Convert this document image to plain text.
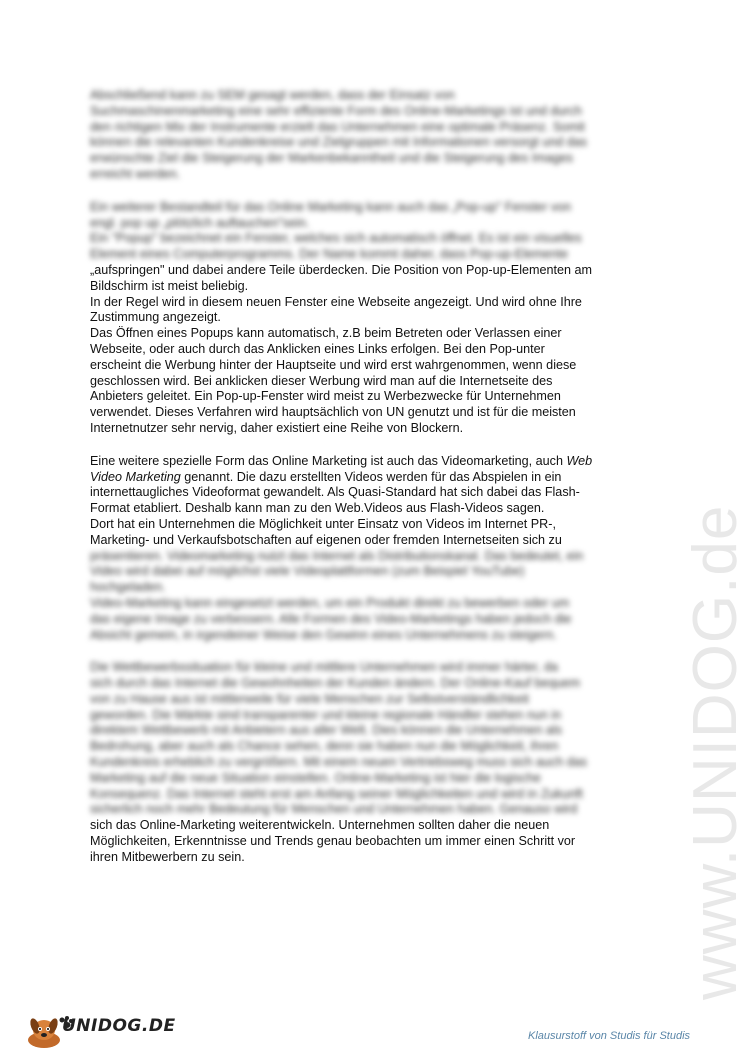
www.UNIDOG.de
Abschließend kann zu SEM gesagt werden, dass der Einsatz von
Suchmaschinenmarketing eine sehr effiziente Form des Online-Marketings ist und durch
den richtigen Mix der Instrumente erzielt das Unternehmen eine optimale Präsenz. Somit
können die relevanten Kundenkreise und Zielgruppen mit Informationen versorgt und das
erwünschte Ziel die Steigerung der Markenbekanntheit und die Steigerung des Images
erreicht werden.
Ein weiterer Bestandteil für das Online Marketing kann auch das „Pop-up" Fenster von
engl. pop up „plötzlich auftauchen"sein.
Ein "Popup" bezeichnet ein Fenster, welches sich automatisch öffnet. Es ist ein visuelles
Element eines Computerprogramms. Der Name kommt daher, dass Pop-up-Elemente
„aufspringen" und dabei andere Teile überdecken. Die Position von Pop-up-Elementen am
Bildschirm ist meist beliebig.
In der Regel wird in diesem neuen Fenster eine Webseite angezeigt. Und wird ohne Ihre
Zustimmung angezeigt.
Das Öffnen eines Popups kann automatisch, z.B beim Betreten oder Verlassen einer
Webseite, oder auch durch das Anklicken eines Links erfolgen. Bei den Pop-unter
erscheint die Werbung hinter der Hauptseite und wird erst wahrgenommen, wenn diese
geschlossen wird. Bei anklicken dieser Werbung wird man auf die Internetseite des
Anbieters geleitet. Ein Pop-up-Fenster wird meist zu Werbezwecke für Unternehmen
verwendet. Dieses Verfahren wird hauptsächlich von UN genutzt und ist für die meisten
Internetnutzer sehr nervig, daher existiert eine Reihe von Blockern.
Eine weitere spezielle Form das Online Marketing ist auch das Videomarketing, auch Web
Video Marketing genannt. Die dazu erstellten Videos werden für das Abspielen in ein
internettaugliches Videoformat gewandelt. Als Quasi-Standard hat sich dabei das Flash-
Format etabliert. Deshalb kann man zu den Web.Videos aus Flash-Videos sagen.
Dort hat ein Unternehmen die Möglichkeit unter Einsatz von Videos im Internet PR-,
Marketing- und Verkaufsbotschaften auf eigenen oder fremden Internetseiten sich zu
präsentieren. Videomarketing nutzt das Internet als Distributionskanal. Das bedeutet, ein
Video wird dabei auf möglichst viele Videoplattformen (zum Beispiel YouTube)
hochgeladen.
Video-Marketing kann eingesetzt werden, um ein Produkt direkt zu bewerben oder um
das eigene Image zu verbessern. Alle Formen des Video-Marketings haben jedoch die
Absicht gemein, in irgendeiner Weise den Gewinn eines Unternehmens zu steigern.
Die Wettbewerbssituation für kleine und mittlere Unternehmen wird immer härter, da
sich durch das Internet die Gewohnheiten der Kunden ändern. Der Online-Kauf bequem
von zu Hause aus ist mittlerweile für viele Menschen zur Selbstverständlichkeit
geworden. Die Märkte sind transparenter und kleine regionale Händler stehen nun in
direktem Wettbewerb mit Anbietern aus aller Welt. Dies können die Unternehmen als
Bedrohung, aber auch als Chance sehen, denn sie haben nun die Möglichkeit, ihren
Kundenkreis erheblich zu vergrößern. Mit einem neuen Vertriebsweg muss sich auch das
Marketing auf die neue Situation einstellen. Online-Marketing ist hier die logische
Konsequenz. Das Internet steht erst am Anfang seiner Möglichkeiten und wird in Zukunft
sicherlich noch mehr Bedeutung für Menschen und Unternehmen haben. Genauso wird
sich das Online-Marketing weiterentwickeln. Unternehmen sollten daher die neuen
Möglichkeiten, Erkenntnisse und Trends genau beobachten um immer einen Schritt vor
ihren Mitbewerbern zu sein.
UNIDOG.DE	Klausurstoff von Studis für Studis
